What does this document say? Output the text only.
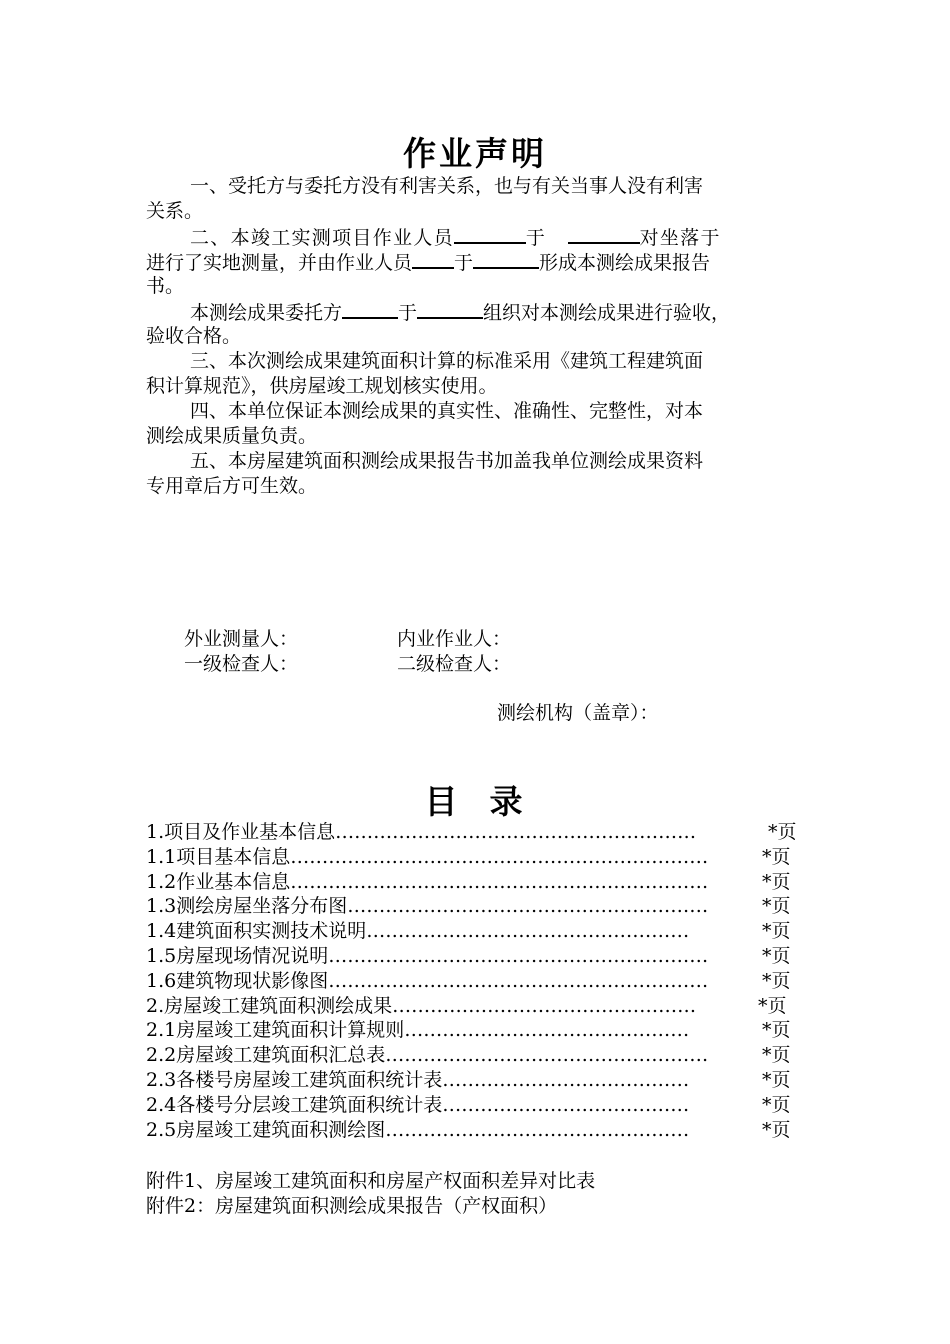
作业声明
一、受托方与委托方没有利害关系，也与有关当事人没有利害
关系。
二、本竣工实测项目作业人员	于	对坐落于
进行了实地测量，并由作业人员 于	形成本测绘成果报告
书。
本测绘成果委托方	于	组织对本测绘成果进行验收，
验收合格。
三、本次测绘成果建筑面积计算的标准采用《建筑工程建筑面
积计算规范》，供房屋竣工规划核实使用。
四、本单位保证本测绘成果的真实性、准确性、完整性，对本
测绘成果质量负责。
五、本房屋建筑面积测绘成果报告书加盖我单位测绘成果资料
专用章后方可生效。
外业测量人：	内业作业人：
一级检查人：	二级检查人：
测绘机构（盖章）：
目  录
1.项目及作业基本信息…………………………………………………	*页
1.1项目基本信息…………………………………………………………	*页
1.2作业基本信息…………………………………………………………	*页
1.3测绘房屋坐落分布图…………………………………………………	*页
1.4建筑面积实测技术说明……………………………………………	*页
1.5房屋现场情况说明……………………………………………………	*页
1.6建筑物现状影像图……………………………………………………	*页
2.房屋竣工建筑面积测绘成果…………………………………………	*页
2.1房屋竣工建筑面积计算规则………………………………………	*页
2.2房屋竣工建筑面积汇总表……………………………………………	*页
2.3各楼号房屋竣工建筑面积统计表…………………………………	*页
2.4各楼号分层竣工建筑面积统计表…………………………………	*页
2.5房屋竣工建筑面积测绘图…………………………………………	*页
附件1、房屋竣工建筑面积和房屋产权面积差异对比表
附件2：房屋建筑面积测绘成果报告（产权面积）
